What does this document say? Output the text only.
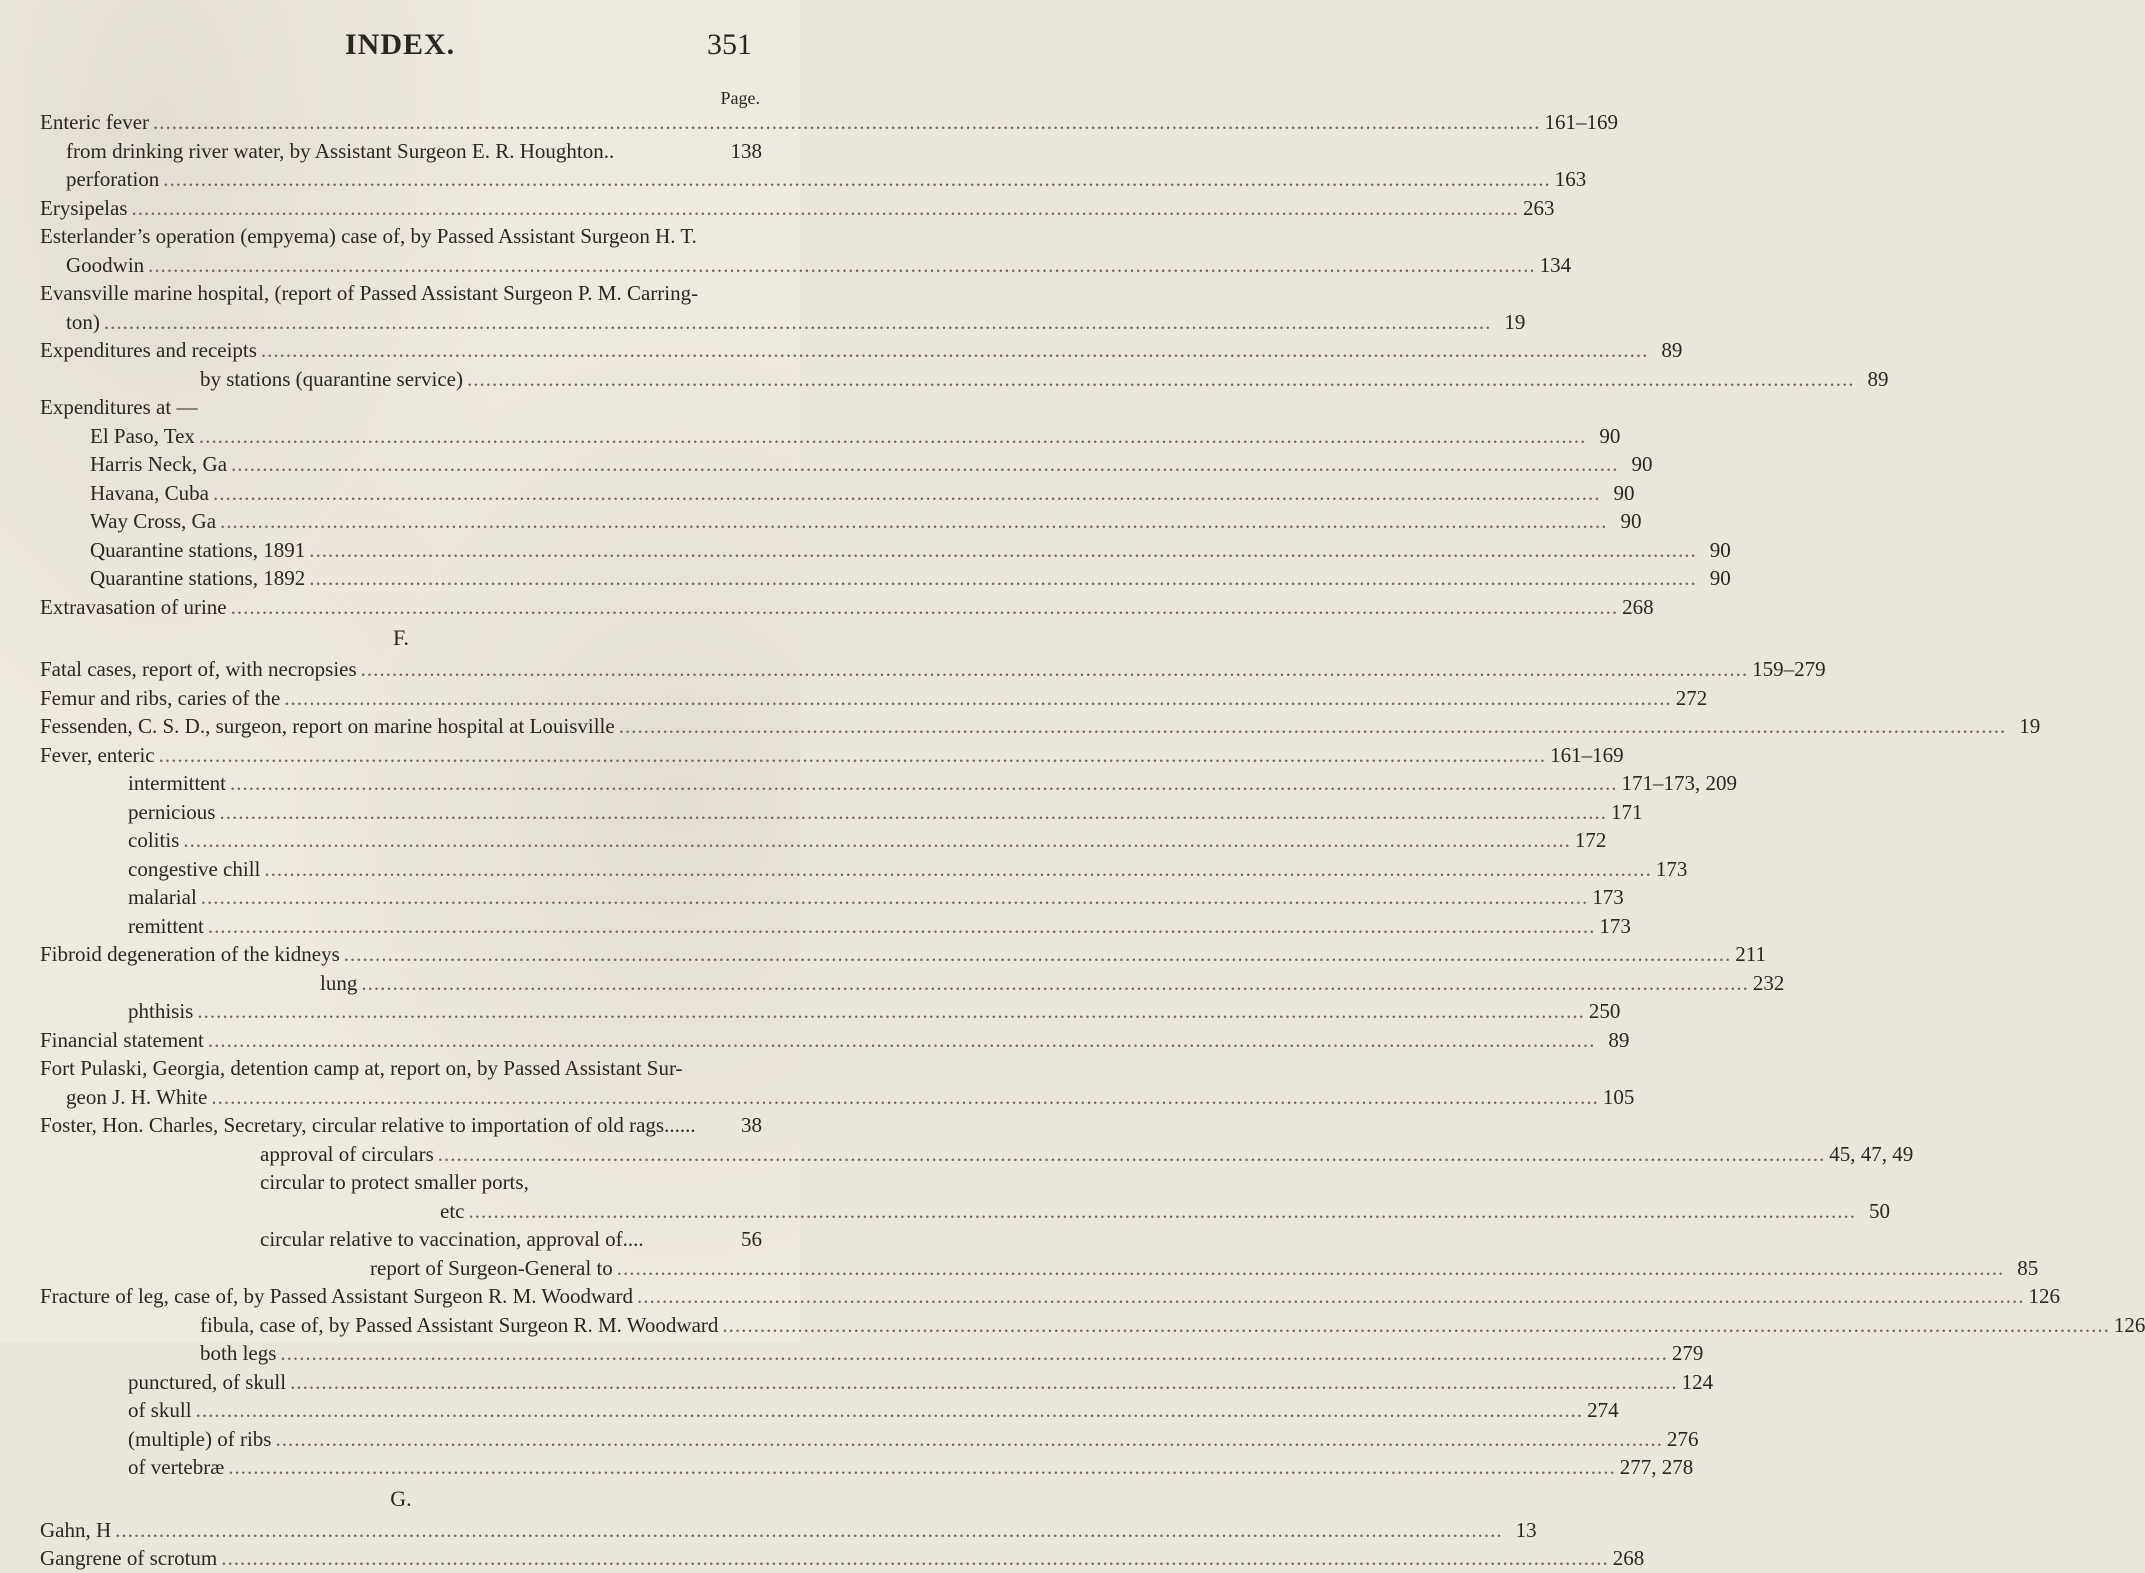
INDEX.	351
Page.
Enteric fever .....	161–169
from drinking river water, by Assistant Surgeon E. R. Houghton..	138
perforation .....	163
Erysipelas .....	263
Esterlander’s operation (empyema) case of, by Passed Assistant Surgeon H. T.
Goodwin .....	134
Evansville marine hospital, (report of Passed Assistant Surgeon P. M. Carring-
ton) .....	19
Expenditures and receipts .....	89
by stations (quarantine service) .....	89
Expenditures at —
El Paso, Tex .....	90
Harris Neck, Ga .....	90
Havana, Cuba .....	90
Way Cross, Ga .....	90
Quarantine stations, 1891 .....	90
Quarantine stations, 1892 .....	90
Extravasation of urine .....	268
F.
Fatal cases, report of, with necropsies .....	159–279
Femur and ribs, caries of the .....	272
Fessenden, C. S. D., surgeon, report on marine hospital at Louisville .....	19
Fever, enteric .....	161–169
intermittent .....	171–173, 209
pernicious .....	171
colitis .....	172
congestive chill .....	173
malarial .....	173
remittent .....	173
Fibroid degeneration of the kidneys .....	211
lung .....	232
phthisis .....	250
Financial statement .....	89
Fort Pulaski, Georgia, detention camp at, report on, by Passed Assistant Sur-
geon J. H. White .....	105
Foster, Hon. Charles, Secretary, circular relative to importation of old rags......	38
approval of circulars .....	45, 47, 49
circular to protect smaller ports,
etc .....	50
circular relative to vaccination, approval of....	56
report of Surgeon-General to .....	85
Fracture of leg, case of, by Passed Assistant Surgeon R. M. Woodward .....	126
fibula, case of, by Passed Assistant Surgeon R. M. Woodward .....	126
both legs .....	279
punctured, of skull .....	124
of skull .....	274
(multiple) of ribs .....	276
of vertebræ .....	277, 278
G.
Gahn, H .....	13
Gangrene of scrotum .....	268
